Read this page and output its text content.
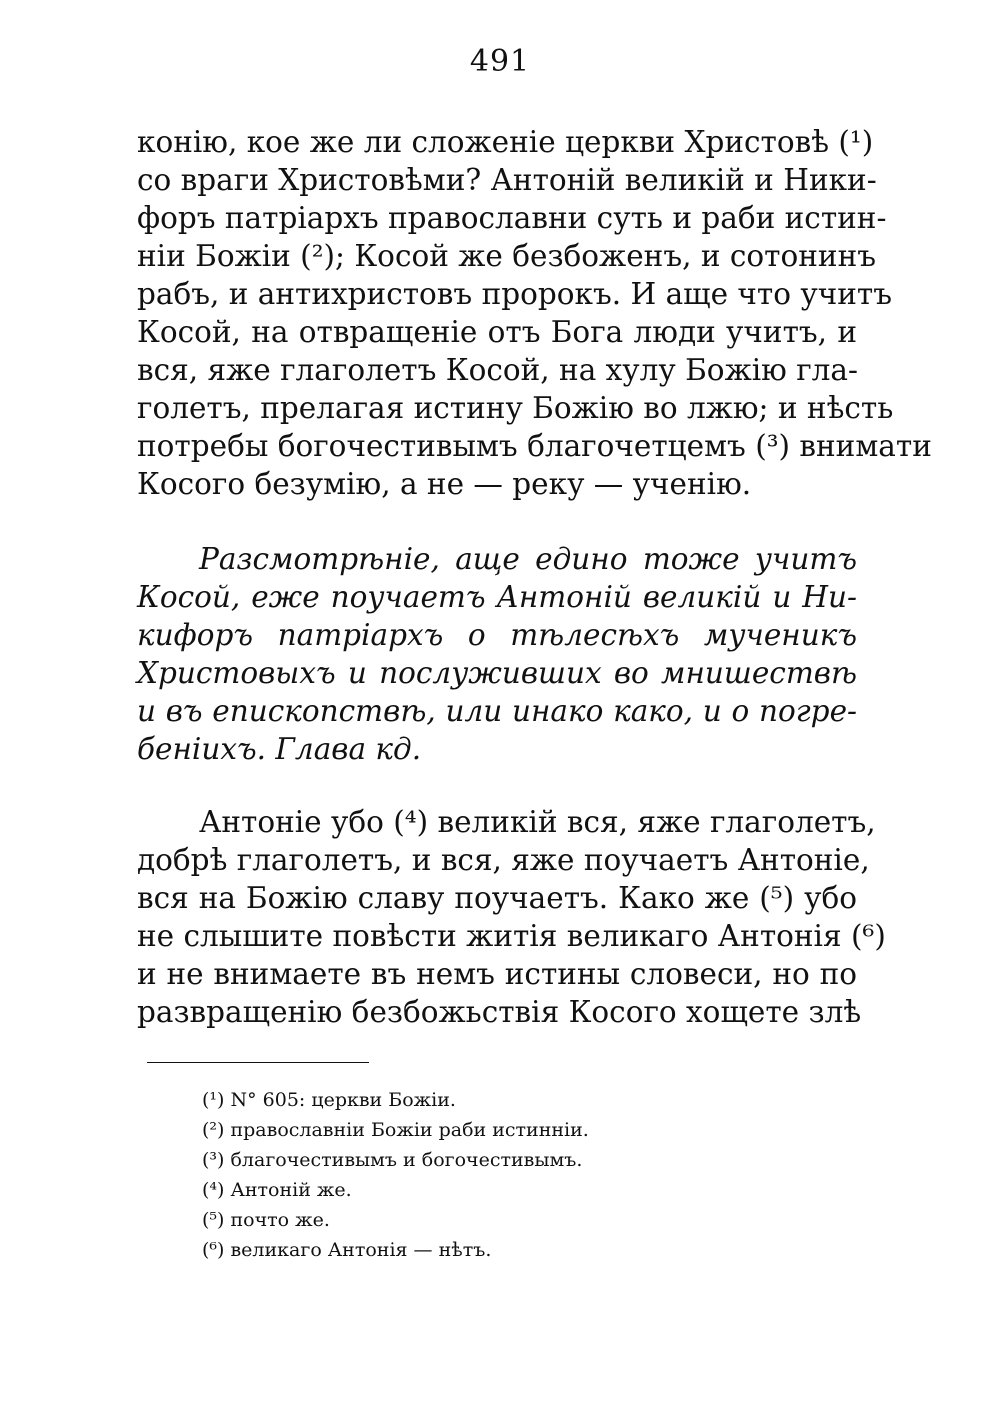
491
конію, кое же ли сложеніе церкви Христовѣ (¹)
со враги Христовѣми? Антоній великій и Ники-
форъ патріархъ православни суть и раби истин-
ніи Божіи (²); Косой же безбоженъ, и сотонинъ
рабъ, и антихристовъ пророкъ. И аще что учитъ
Косой, на отвращеніе отъ Бога люди учитъ, и
вся, яже глаголетъ Косой, на хулу Божію гла-
голетъ, прелагая истину Божію во лжю; и нѣсть
потребы богочестивымъ благочетцемъ (³) внимати
Косого безумію, а не — реку — ученію.
Разсмотрѣніе, аще едино тоже учитъ
Косой, еже поучаетъ Антоній великій и Ни-
кифоръ патріархъ о тѣлесѣхъ мученикъ
Христовыхъ и послуживших во мнишествѣ
и въ епископствѣ, или инако како, и о погре-
беніихъ. Глава кд.
Антоніе убо (⁴) великій вся, яже глаголетъ,
добрѣ глаголетъ, и вся, яже поучаетъ Антоніе,
вся на Божію славу поучаетъ. Како же (⁵) убо
не слышите повѣсти житія великаго Антонія (⁶)
и не внимаете въ немъ истины словеси, но по
развращенію безбожьствія Косого хощете злѣ
(¹) N° 605: церкви Божіи.
(²) православніи Божіи раби истинніи.
(³) благочестивымъ и богочестивымъ.
(⁴) Антоній же.
(⁵) почто же.
(⁶) великаго Антонія — нѣтъ.
